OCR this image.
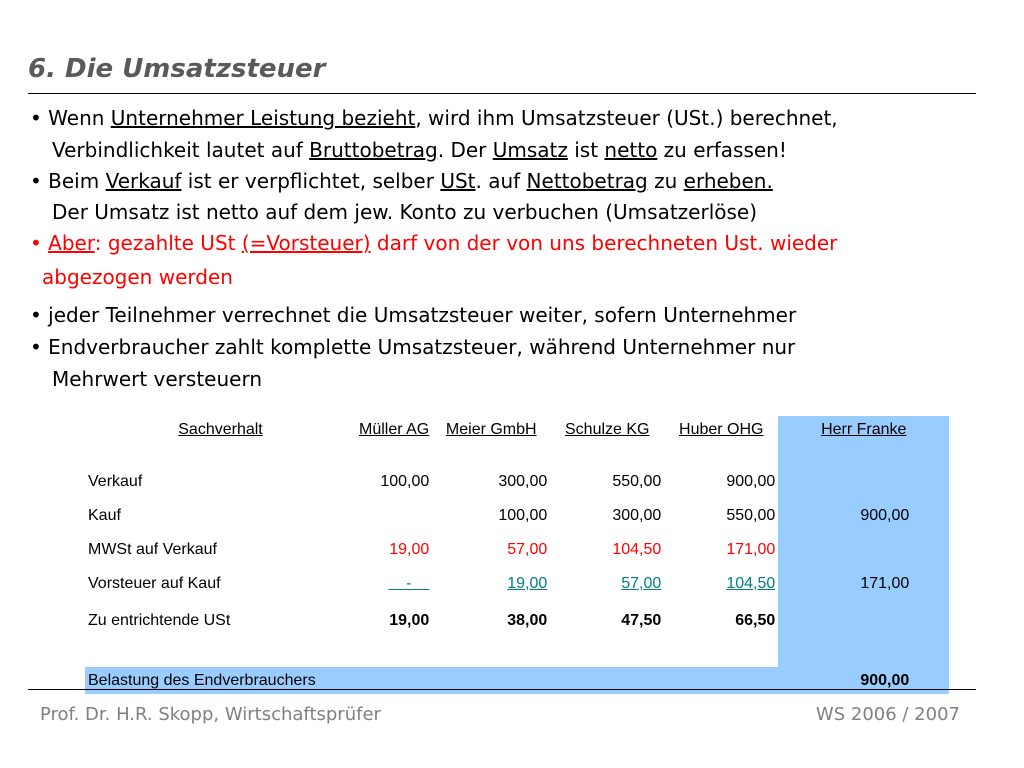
6. Die Umsatzsteuer
• Wenn Unternehmer Leistung bezieht, wird ihm Umsatzsteuer (USt.) berechnet,
Verbindlichkeit lautet auf Bruttobetrag. Der Umsatz ist netto zu erfassen!
• Beim Verkauf ist er verpflichtet, selber USt. auf Nettobetrag zu erheben.
Der Umsatz ist netto auf dem jew. Konto zu verbuchen (Umsatzerlöse)
• Aber: gezahlte USt (=Vorsteuer) darf von der von uns berechneten Ust. wieder
abgezogen werden
• jeder Teilnehmer verrechnet die Umsatzsteuer weiter, sofern Unternehmer
• Endverbraucher zahlt komplette Umsatzsteuer, während Unternehmer nur
Mehrwert versteuern
Sachverhalt	Müller AG	Meier GmbH	Schulze KG	Huber OHG	Herr Franke

Verkauf	100,00	300,00	550,00	900,00	
Kauf		100,00	300,00	550,00	900,00
MWSt auf Verkauf	19,00	57,00	104,50	171,00	
Vorsteuer auf Kauf	-	19,00	57,00	104,50	171,00
Zu entrichtende USt	19,00	38,00	47,50	66,50	

Belastung des Endverbrauchers					900,00
Prof. Dr. H.R. Skopp, Wirtschaftsprüfer	WS 2006 / 2007
